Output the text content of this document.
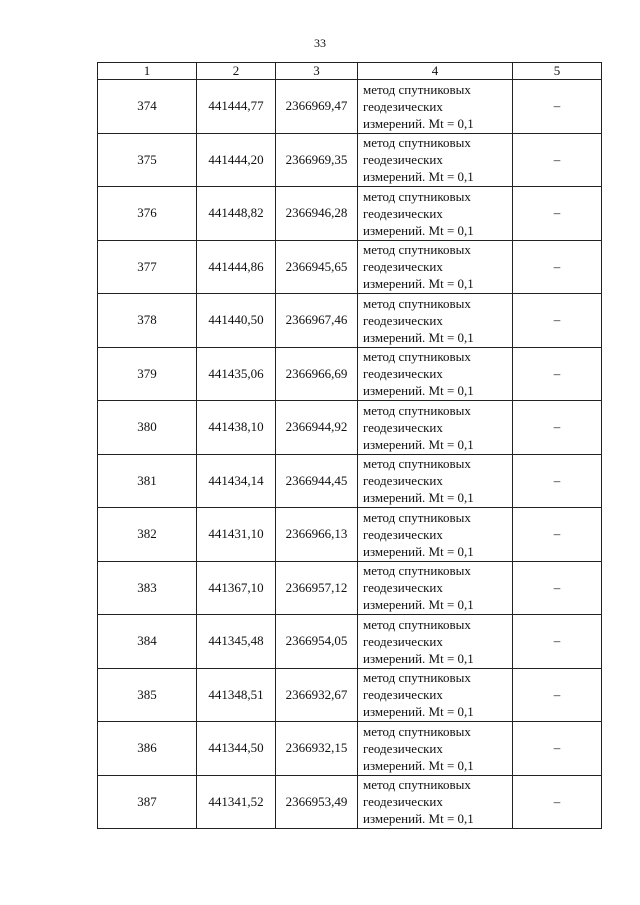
33
1	2	3	4	5
374	441444,77	2366969,47	метод спутниковых
геодезических
измерений. Mt = 0,1	–
375	441444,20	2366969,35	метод спутниковых
геодезических
измерений. Mt = 0,1	–
376	441448,82	2366946,28	метод спутниковых
геодезических
измерений. Mt = 0,1	–
377	441444,86	2366945,65	метод спутниковых
геодезических
измерений. Mt = 0,1	–
378	441440,50	2366967,46	метод спутниковых
геодезических
измерений. Mt = 0,1	–
379	441435,06	2366966,69	метод спутниковых
геодезических
измерений. Mt = 0,1	–
380	441438,10	2366944,92	метод спутниковых
геодезических
измерений. Mt = 0,1	–
381	441434,14	2366944,45	метод спутниковых
геодезических
измерений. Mt = 0,1	–
382	441431,10	2366966,13	метод спутниковых
геодезических
измерений. Mt = 0,1	–
383	441367,10	2366957,12	метод спутниковых
геодезических
измерений. Mt = 0,1	–
384	441345,48	2366954,05	метод спутниковых
геодезических
измерений. Mt = 0,1	–
385	441348,51	2366932,67	метод спутниковых
геодезических
измерений. Mt = 0,1	–
386	441344,50	2366932,15	метод спутниковых
геодезических
измерений. Mt = 0,1	–
387	441341,52	2366953,49	метод спутниковых
геодезических
измерений. Mt = 0,1	–
